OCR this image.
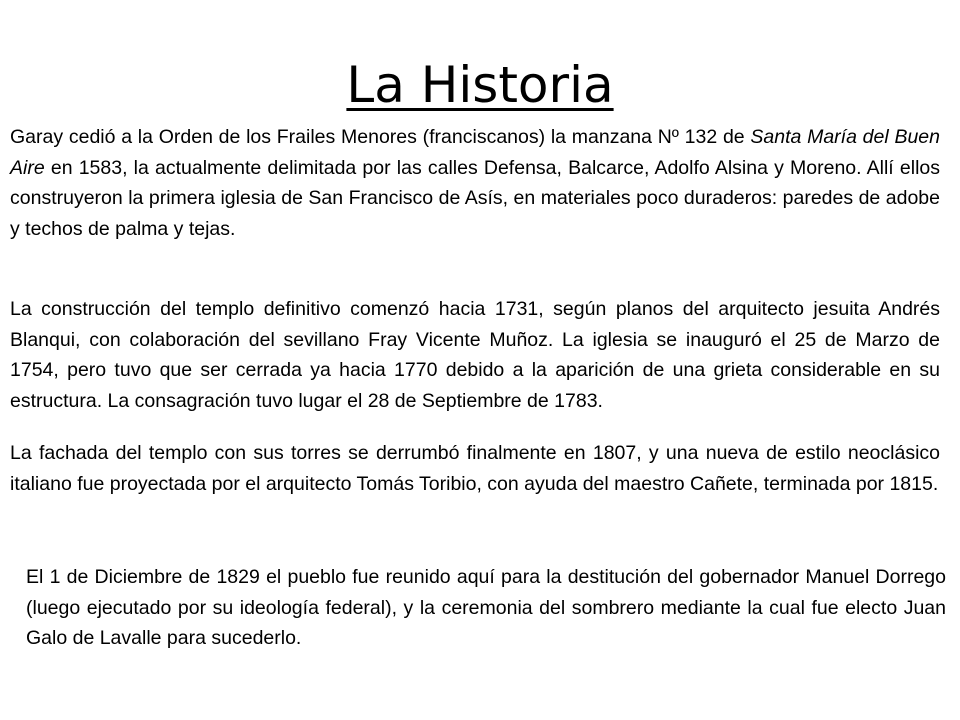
La Historia

Garay cedió a la Orden de los Frailes Menores (franciscanos) la manzana Nº 132 de Santa María del Buen Aire en 1583, la actualmente delimitada por las calles Defensa, Balcarce, Adolfo Alsina y Moreno. Allí ellos construyeron la primera iglesia de San Francisco de Asís, en materiales poco duraderos: paredes de adobe y techos de palma y tejas.

La construcción del templo definitivo comenzó hacia 1731, según planos del arquitecto jesuita Andrés Blanqui, con colaboración del sevillano Fray Vicente Muñoz. La iglesia se inauguró el 25 de Marzo de 1754, pero tuvo que ser cerrada ya hacia 1770 debido a la aparición de una grieta considerable en su estructura. La consagración tuvo lugar el 28 de Septiembre de 1783.

La fachada del templo con sus torres se derrumbó finalmente en 1807, y una nueva de estilo neoclásico italiano fue proyectada por el arquitecto Tomás Toribio, con ayuda del maestro Cañete, terminada por 1815.

El 1 de Diciembre de 1829 el pueblo fue reunido aquí para la destitución del gobernador Manuel Dorrego (luego ejecutado por su ideología federal), y la ceremonia del sombrero mediante la cual fue electo Juan Galo de Lavalle para sucederlo.
